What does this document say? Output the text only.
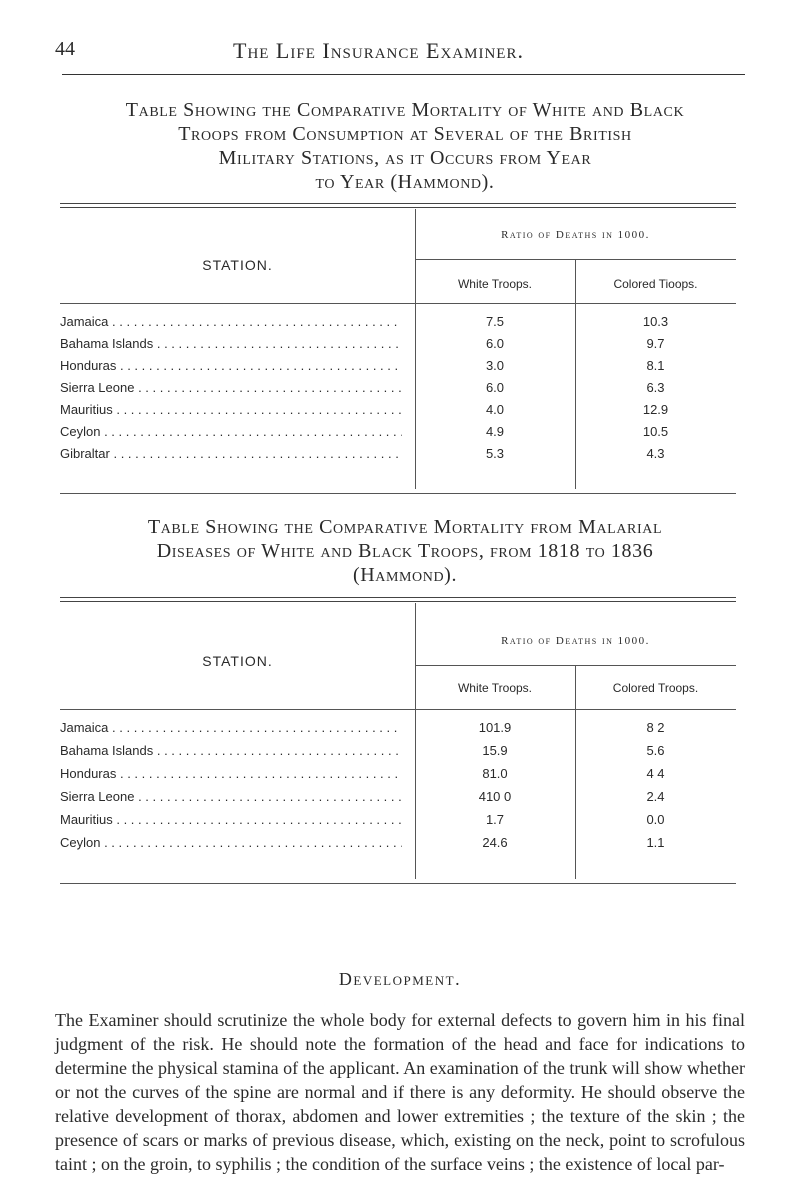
44	The Life Insurance Examiner.
Table Showing the Comparative Mortality of White and Black
Troops from Consumption at Several of the British
Military Stations, as it Occurs from Year
to Year (Hammond).
STATION.
Ratio of Deaths in 1000.
White Troops.	Colored Tioops.
Jamaica . . .	7.5	10.3
Bahama Islands . . .	6.0	9.7
Honduras . . .	3.0	8.1
Sierra Leone . . .	6.0	6.3
Mauritius . . .	4.0	12.9
Ceylon . . .	4.9	10.5
Gibraltar . . .	5.3	4.3
Table Showing the Comparative Mortality from Malarial
Diseases of White and Black Troops, from 1818 to 1836
(Hammond).
STATION.
Ratio of Deaths in 1000.
White Troops.	Colored Troops.
Jamaica . . .	101.9	8 2
Bahama Islands . . .	15.9	5.6
Honduras . . .	81.0	4 4
Sierra Leone . . .	410 0	2.4
Mauritius . . .	1.7	0.0
Ceylon . . .	24.6	1.1
Development.
The Examiner should scrutinize the whole body for external defects to govern him in his final judgment of the risk. He should note the formation of the head and face for indications to determine the physical stamina of the applicant. An examination of the trunk will show whether or not the curves of the spine are normal and if there is any deformity. He should observe the relative development of thorax, abdomen and lower extremities ; the texture of the skin ; the presence of scars or marks of previous disease, which, existing on the neck, point to scrofulous taint ; on the groin, to syphilis ; the condition of the surface veins ; the existence of local par-
